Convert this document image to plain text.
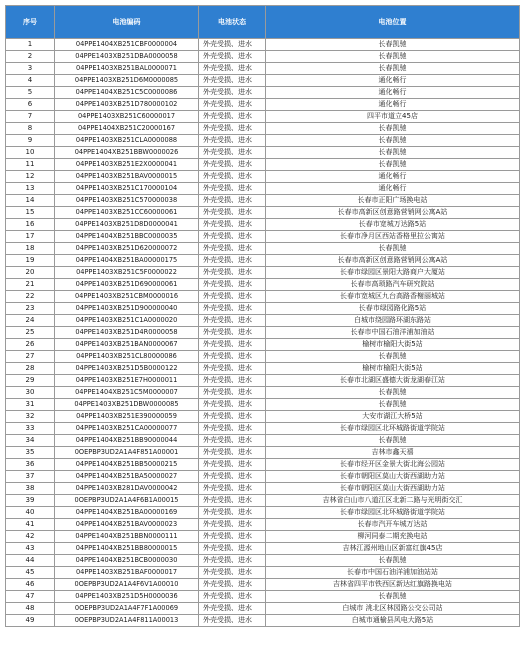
序号	电池编码	电池状态	电池位置
1	04PPE1404XB251CBF0000004	外壳受损、进水	长春凯驰
2	04PPE1403XB251DBA0000058	外壳受损、进水	长春凯驰
3	04PPE1403XB251BAL0000071	外壳受损、进水	长春凯驰
4	04PPE1403XB251D6M0000085	外壳受损、进水	通化畅行
5	04PPE1404XB251C5C0000086	外壳受损、进水	通化畅行
6	04PPE1403XB251D780000102	外壳受损、进水	通化畅行
7	04PPE1403XB251C60000017	外壳受损、进水	四平市道立45店
8	04PPE1404XB251C20000167	外壳受损、进水	长春凯驰
9	04PPE1403XB251CLA0000088	外壳受损、进水	长春凯驰
10	04PPE1404XB251BBW0000026	外壳受损、进水	长春凯驰
11	04PPE1403XB251E2X0000041	外壳受损、进水	长春凯驰
12	04PPE1403XB251BAV0000015	外壳受损、进水	通化畅行
13	04PPE1403XB251C170000104	外壳受损、进水	通化畅行
14	04PPE1403XB251C570000038	外壳受损、进水	长春市正阳广场换电站
15	04PPE1403XB251CC60000061	外壳受损、进水	长春市高新区创意路营销网公寓A站
16	04PPE1403XB251D8D0000041	外壳受损、进水	长春市宽城万达路5站
17	04PPE1404XB251BBC0000035	外壳受损、进水	长春市净月区西站香格里拉公寓站
18	04PPE1403XB251D620000072	外壳受损、进水	长春凯驰
19	04PPE1404XB251BA00000175	外壳受损、进水	长春市高新区创意路营销网公寓A站
20	04PPE1403XB251C5F0000022	外壳受损、进水	长春市绿园区景阳大路商户大厦站
21	04PPE1403XB251D690000061	外壳受损、进水	长春市高琐路汽车研究院站
22	04PPE1403XB251CBM0000016	外壳受损、进水	长春市宽城区九台高路香榭丽城站
23	04PPE1403XB251D900000040	外壳受损、进水	长春市绿园路化路5站
24	04PPE1403XB251C1A0000020	外壳受损、进水	白城市绕园路环湖东路站
25	04PPE1403XB251D4R0000058	外壳受损、进水	长春市中国石油洋浦加油站
26	04PPE1403XB251BAN0000067	外壳受损、进水	榆树市榆阳大街5站
27	04PPE1403XB251CL80000086	外壳受损、进水	长春凯驰
28	04PPE1403XB251D5B0000122	外壳受损、进水	榆树市榆阳大街5站
29	04PPE1403XB251E7H0000011	外壳受损、进水	长春市北湖区盛德大街龙湖春江站
30	04PPE1404XB251C5M0000007	外壳受损、进水	长春凯驰
31	04PPE1403XB251DBW0000085	外壳受损、进水	长春凯驰
32	04PPE1403XB251E390000059	外壳受损、进水	大安市湖江大桥5站
33	04PPE1403XB251CA00000077	外壳受损、进水	长春市绿园区北环城路街道学院站
34	04PPE1404XB251BB90000044	外壳受损、进水	长春凯驰
35	0OEPBP3UD2A1A4F851A00001	外壳受损、进水	吉林市鑫天禧
36	04PPE1404XB251BB50000215	外壳受损、进水	长春市经开区金景大街北海公园站
37	04PPE1404XB251BA50000027	外壳受损、进水	长春市朝阳区莫山大街西湖助力站
38	04PPE1403XB281DAV0000042	外壳受损、进水	长春市朝阳区莫山大街西湖助力站
39	0OEPBP3UD2A1A4F6B1A00015	外壳受损、进水	吉林省白山市八道江区北新二路与光明街交汇
40	04PPE1404XB251BA00000169	外壳受损、进水	长春市绿园区北环城路街道学院站
41	04PPE1404XB251BAV0000023	外壳受损、进水	长春市汽开车城万达站
42	04PPE1404XB251BBN0000111	外壳受损、进水	柳河同泰二期充换电站
43	04PPE1404XB251BB80000015	外壳受损、进水	吉林江源州地山区新富红旗45店
44	04PPE1404XB251BCB0000030	外壳受损、进水	长春凯驰
45	04PPE1403XB251BAF0000017	外壳受损、进水	长春市中国石油洋浦加油站站
46	0OEPBP3UD2A1A4F6V1A00010	外壳受损、进水	吉林省四平市铁西区新达红旗路换电站
47	04PPE1403XB251D5H0000036	外壳受损、进水	长春凯驰
48	0OEPBP3UD2A1A4F7F1A00069	外壳受损、进水	白城市 洮北区林园路公交公司站
49	0OEPBP3UD2A1A4F811A00013	外壳受损、进水	白城市通榆县风电大路5站
